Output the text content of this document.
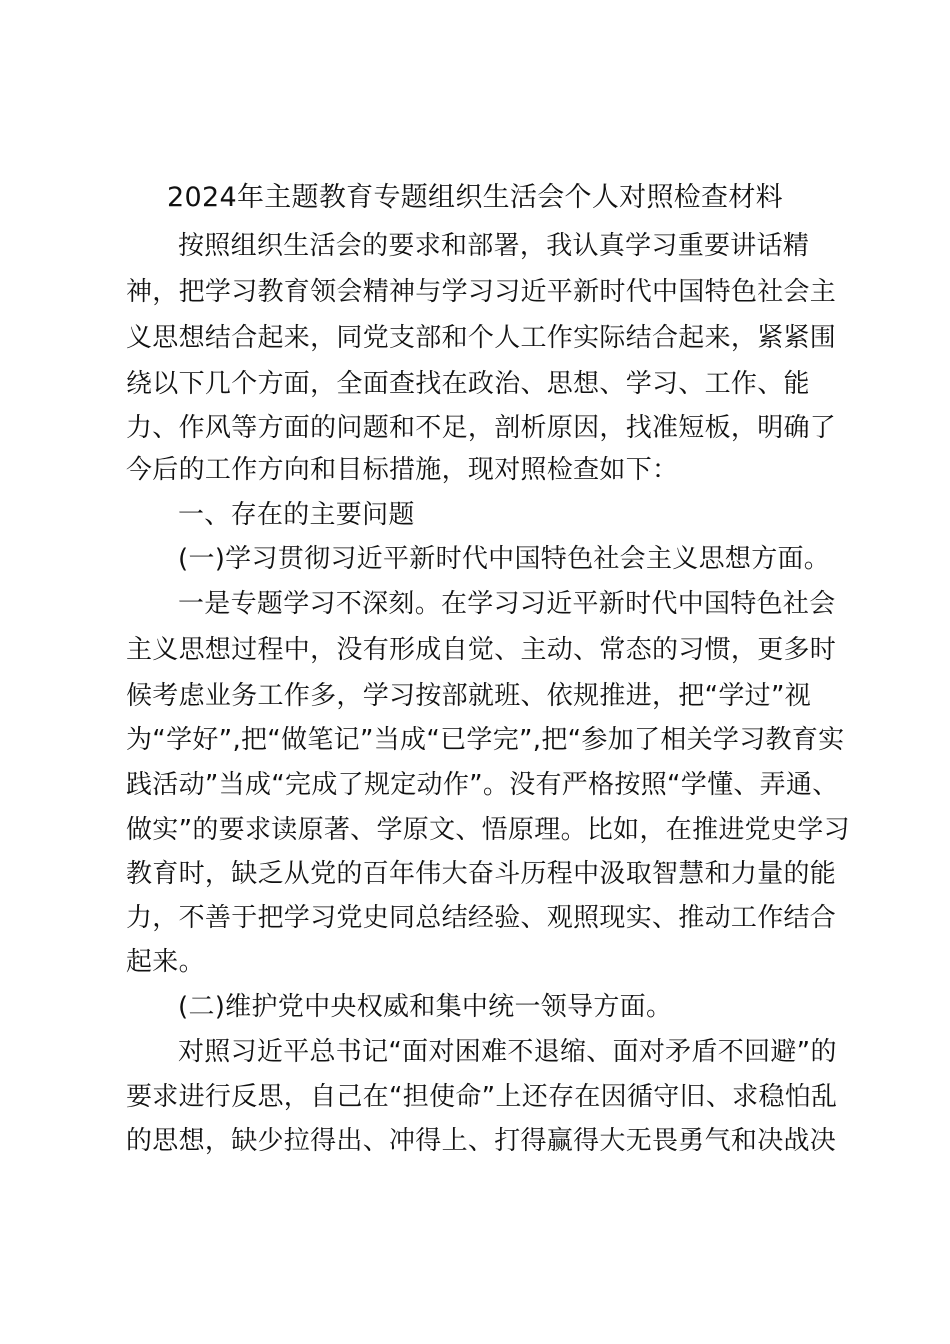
2024年主题教育专题组织生活会个人对照检查材料
按照组织生活会的要求和部署，我认真学习重要讲话精
神，把学习教育领会精神与学习习近平新时代中国特色社会主
义思想结合起来，同党支部和个人工作实际结合起来，紧紧围
绕以下几个方面，全面查找在政治、思想、学习、工作、能
力、作风等方面的问题和不足，剖析原因，找准短板，明确了
今后的工作方向和目标措施，现对照检查如下：
一、存在的主要问题
(一)学习贯彻习近平新时代中国特色社会主义思想方面。
一是专题学习不深刻。在学习习近平新时代中国特色社会
主义思想过程中，没有形成自觉、主动、常态的习惯，更多时
候考虑业务工作多，学习按部就班、依规推进，把“学过”视
为“学好”,把“做笔记”当成“已学完”,把“参加了相关学习教育实
践活动”当成“完成了规定动作”。没有严格按照“学懂、弄通、
做实”的要求读原著、学原文、悟原理。比如，在推进党史学习
教育时，缺乏从党的百年伟大奋斗历程中汲取智慧和力量的能
力，不善于把学习党史同总结经验、观照现实、推动工作结合
起来。
(二)维护党中央权威和集中统一领导方面。
对照习近平总书记“面对困难不退缩、面对矛盾不回避”的
要求进行反思，自己在“担使命”上还存在因循守旧、求稳怕乱
的思想，缺少拉得出、冲得上、打得赢得大无畏勇气和决战决
